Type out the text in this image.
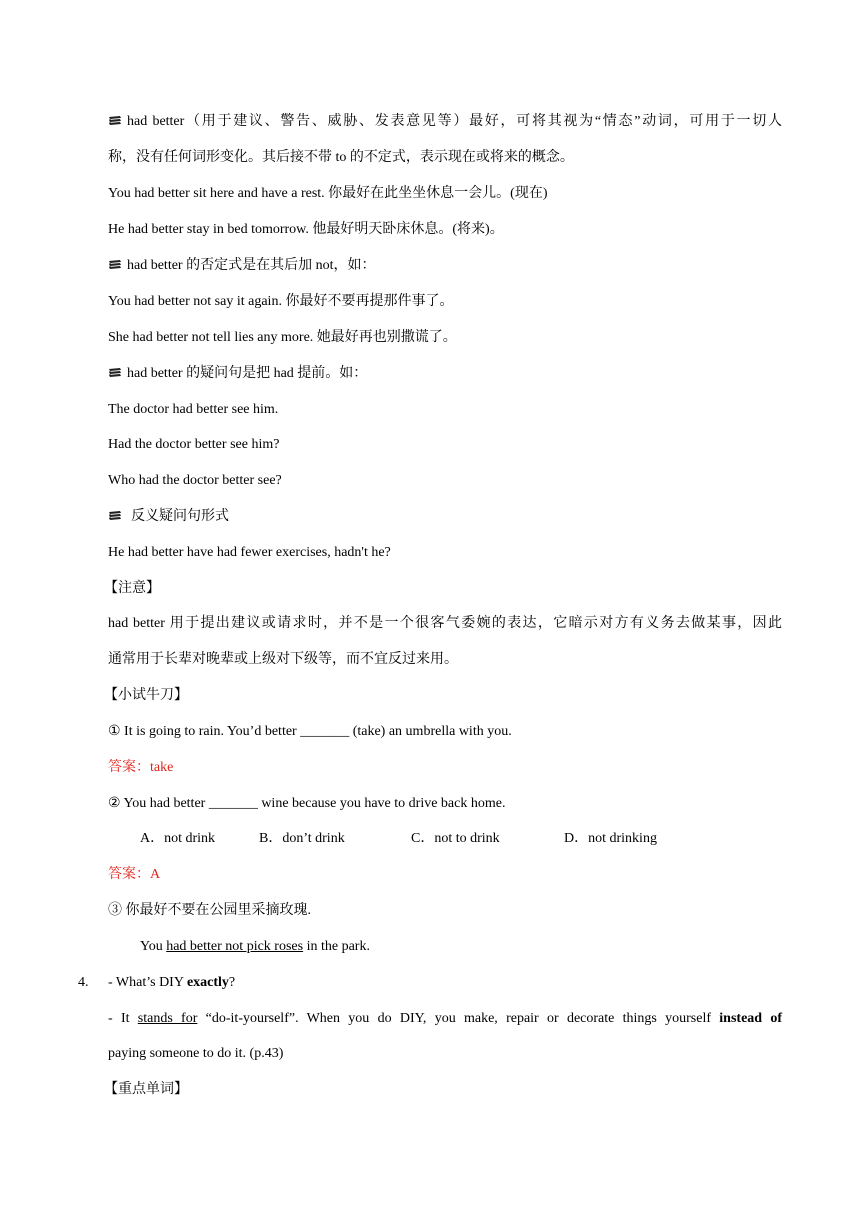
had better（用于建议、警告、威胁、发表意见等）最好，可将其视为“情态”动词，可用于一切人
称，没有任何词形变化。其后接不带 to 的不定式，表示现在或将来的概念。
You had better sit here and have a rest. 你最好在此坐坐休息一会儿。(现在)
He had better stay in bed tomorrow. 他最好明天卧床休息。(将来)。
had better 的否定式是在其后加 not，如：
You had better not say it again. 你最好不要再提那件事了。
She had better not tell lies any more. 她最好再也别撒谎了。
had better 的疑问句是把 had 提前。如：
The doctor had better see him.
Had the doctor better see him?
Who had the doctor better see?
反义疑问句形式
He had better have had fewer exercises, hadn't he?
【注意】
had better 用于提出建议或请求时，并不是一个很客气委婉的表达，它暗示对方有义务去做某事，因此
通常用于长辈对晚辈或上级对下级等，而不宜反过来用。
【小试牛刀】
① It is going to rain. You’d better _______ (take) an umbrella with you.
答案：take
② You had better _______ wine because you have to drive back home.
A．not drink	B．don’t drink	C．not to drink	D．not drinking
答案：A
③ 你最好不要在公园里采摘玫瑰.
You had better not pick roses in the park.
4.	- What’s DIY exactly?
- It stands for “do-it-yourself”. When you do DIY, you make, repair or decorate things yourself instead of
paying someone to do it. (p.43)
【重点单词】
